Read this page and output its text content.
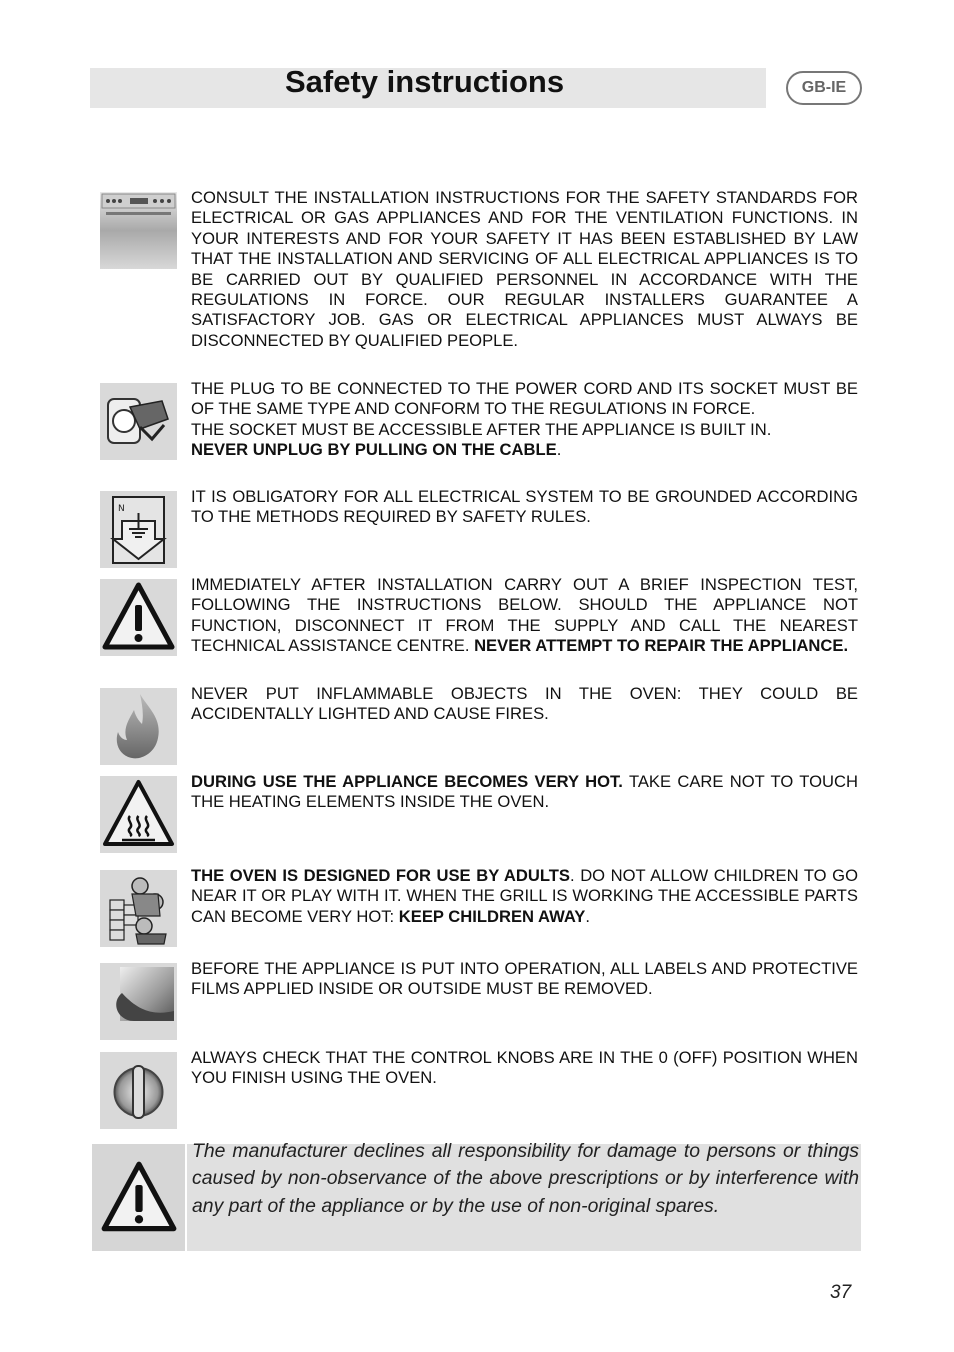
Safety instructions	GB-IE
CONSULT THE INSTALLATION INSTRUCTIONS FOR THE SAFETY STANDARDS FOR ELECTRICAL OR GAS APPLIANCES AND FOR THE VENTILATION FUNCTIONS. IN YOUR INTERESTS AND FOR YOUR SAFETY IT HAS BEEN ESTABLISHED BY LAW THAT THE INSTALLATION AND SERVICING OF ALL ELECTRICAL APPLIANCES IS TO BE CARRIED OUT BY QUALIFIED PERSONNEL IN ACCORDANCE WITH THE REGULATIONS IN FORCE. OUR REGULAR INSTALLERS GUARANTEE A SATISFACTORY JOB. GAS OR ELECTRICAL APPLIANCES MUST ALWAYS BE DISCONNECTED BY QUALIFIED PEOPLE.
THE PLUG TO BE CONNECTED TO THE POWER CORD AND ITS SOCKET MUST BE OF THE SAME TYPE AND CONFORM TO THE REGULATIONS IN FORCE.
THE SOCKET MUST BE ACCESSIBLE AFTER THE APPLIANCE IS BUILT IN.
NEVER UNPLUG BY PULLING ON THE CABLE.
N
IT IS OBLIGATORY FOR ALL ELECTRICAL SYSTEM TO BE GROUNDED ACCORDING TO THE METHODS REQUIRED BY SAFETY RULES.
IMMEDIATELY AFTER INSTALLATION CARRY OUT A BRIEF INSPECTION TEST, FOLLOWING THE INSTRUCTIONS BELOW. SHOULD THE APPLIANCE NOT FUNCTION, DISCONNECT IT FROM THE SUPPLY AND CALL THE NEAREST TECHNICAL ASSISTANCE CENTRE. NEVER ATTEMPT TO REPAIR THE APPLIANCE.
NEVER PUT INFLAMMABLE OBJECTS IN THE OVEN: THEY COULD BE ACCIDENTALLY LIGHTED AND CAUSE FIRES.
DURING USE THE APPLIANCE BECOMES VERY HOT. TAKE CARE NOT TO TOUCH THE HEATING ELEMENTS INSIDE THE OVEN.
THE OVEN IS DESIGNED FOR USE BY ADULTS. DO NOT ALLOW CHILDREN TO GO NEAR IT OR PLAY WITH IT. WHEN THE GRILL IS WORKING THE ACCESSIBLE PARTS CAN BECOME VERY HOT: KEEP CHILDREN AWAY.
BEFORE THE APPLIANCE IS PUT INTO OPERATION, ALL LABELS AND PROTECTIVE FILMS APPLIED INSIDE OR OUTSIDE MUST BE REMOVED.
ALWAYS CHECK THAT THE CONTROL KNOBS ARE IN THE 0 (OFF) POSITION WHEN YOU FINISH USING THE OVEN.
The manufacturer declines all responsibility for damage to persons or things caused by non-observance of the above prescriptions or by interference with any part of the appliance or by the use of non-original spares.
37
